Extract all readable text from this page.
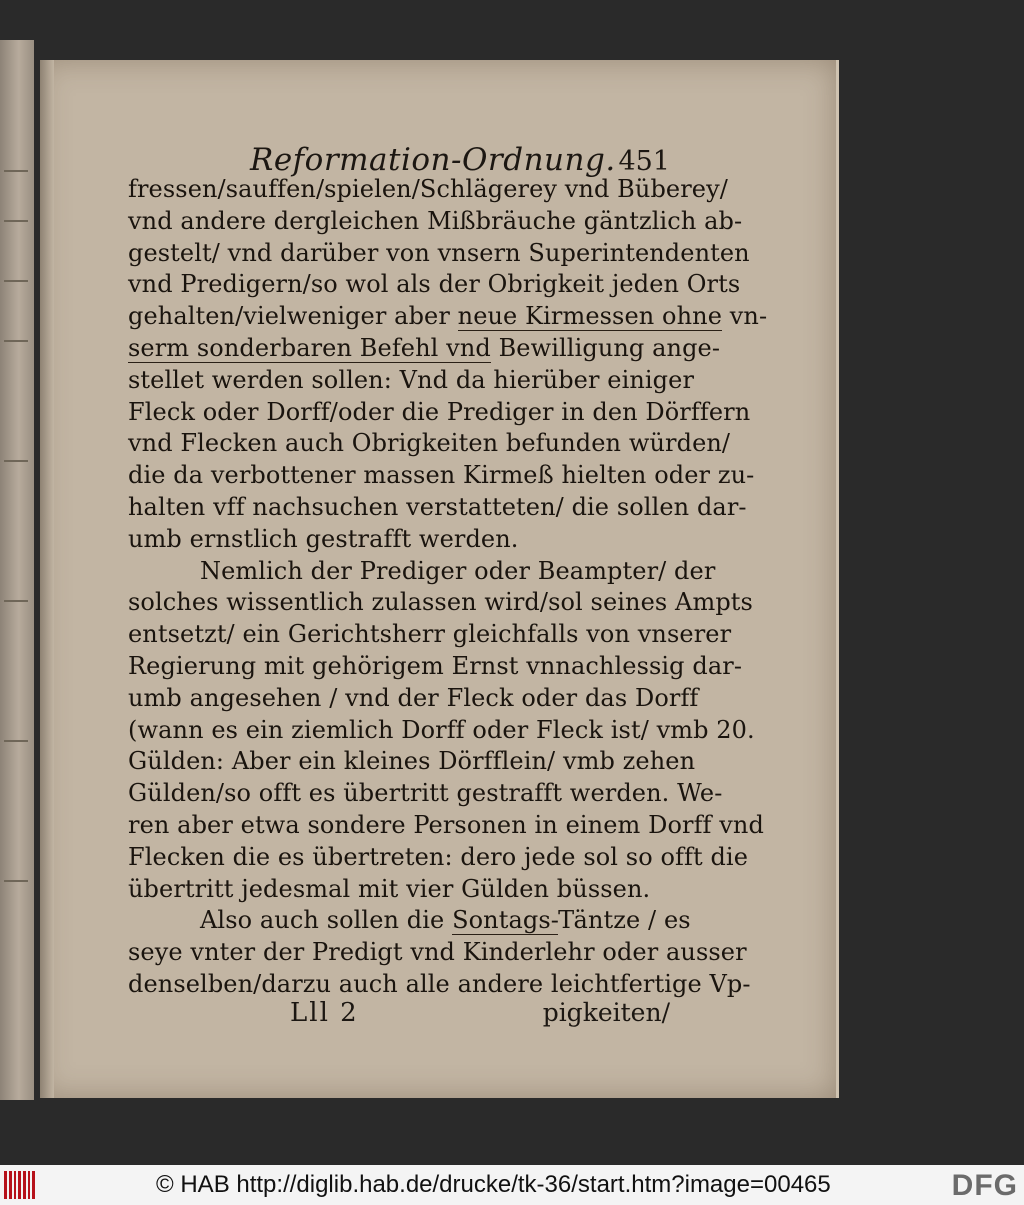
Reformation-Ordnung. 451
fressen/sauffen/spielen/Schlägerey vnd Büberey/
vnd andere dergleichen Mißbräuche gäntzlich ab-
gestelt/ vnd darüber von vnsern Superintendenten
vnd Predigern/so wol als der Obrigkeit jeden Orts
gehalten/vielweniger aber neue Kirmessen ohne
serm sonderbaren Befehl vnd Bewilligung ange-
stellet werden sollen: Vnd da hierüber einiger
Fleck oder Dorff/oder die Prediger in den Dörffern
vnd Flecken auch Obrigkeiten befunden würden/
die da verbottener massen Kirmeß hielten oder zu-
halten vff nachsuchen verstatteten/ die sollen dar-
umb ernstlich gestrafft werden.
Nemlich der Prediger oder Beampter/ der
solches wissentlich zulassen wird/sol seines Ampts
entsetzt/ ein Gerichtsherr gleichfalls von vnserer
Regierung mit gehörigem Ernst vnnachlessig dar-
umb angesehen / vnd der Fleck oder das Dorff
(wann es ein ziemlich Dorff oder Fleck ist/ vmb 20.
Gülden: Aber ein kleines Dörfflein/ vmb zehen
Gülden/so offt es übertritt gestrafft werden. We-
ren aber etwa sondere Personen in einem Dorff vnd
Flecken die es übertreten: dero jede sol so offt die
übertritt jedesmal mit vier Gülden büssen.
Also auch sollen die Sontags-Täntze / es
seye vnter der Predigt vnd Kinderlehr oder ausser
denselben/darzu auch alle andere leichtfertige Vp-
Lll 2	pigkeiten/
© HAB http://diglib.hab.de/drucke/tk-36/start.htm?image=00465	DFG
